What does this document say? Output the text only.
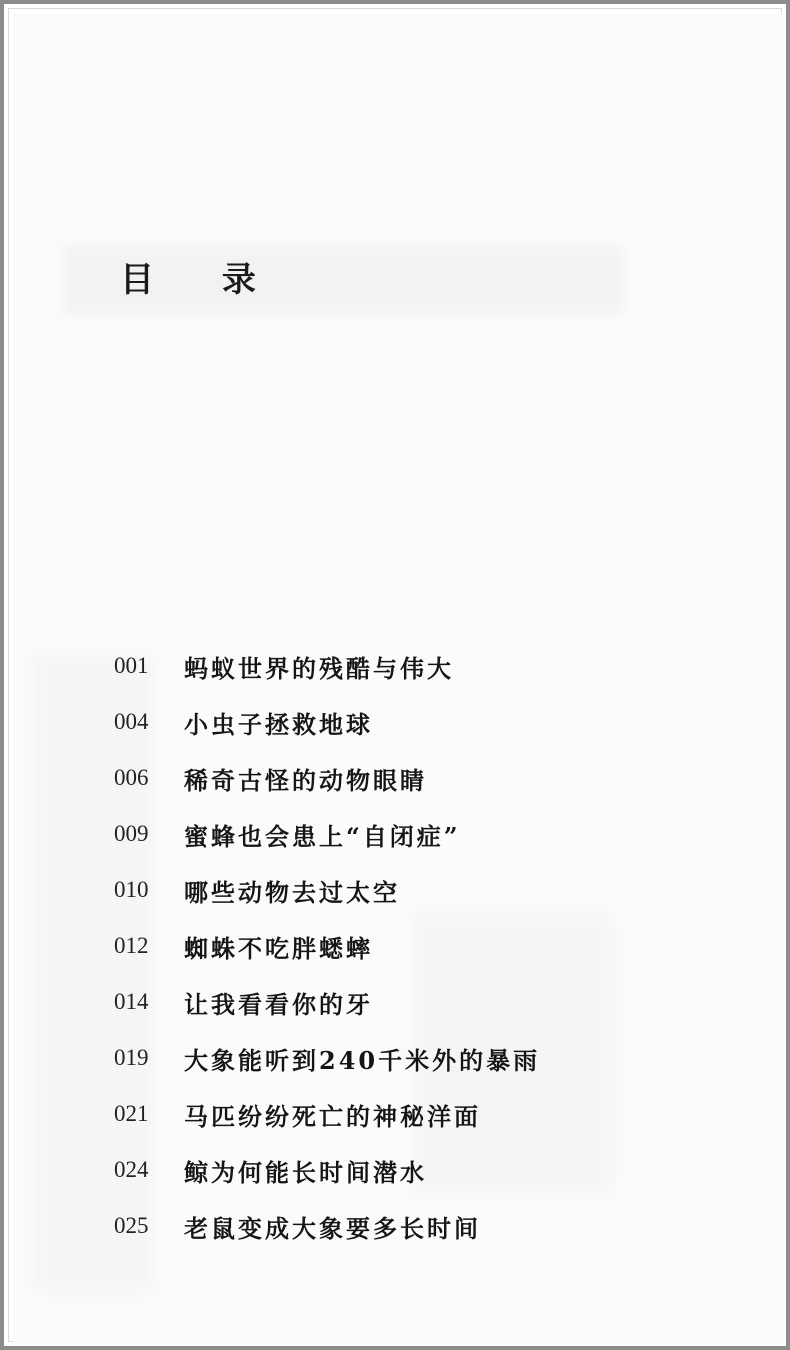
目 录
001	蚂蚁世界的残酷与伟大
004	小虫子拯救地球
006	稀奇古怪的动物眼睛
009	蜜蜂也会患上“自闭症”
010	哪些动物去过太空
012	蜘蛛不吃胖蟋蟀
014	让我看看你的牙
019	大象能听到240千米外的暴雨
021	马匹纷纷死亡的神秘洋面
024	鲸为何能长时间潜水
025	老鼠变成大象要多长时间
